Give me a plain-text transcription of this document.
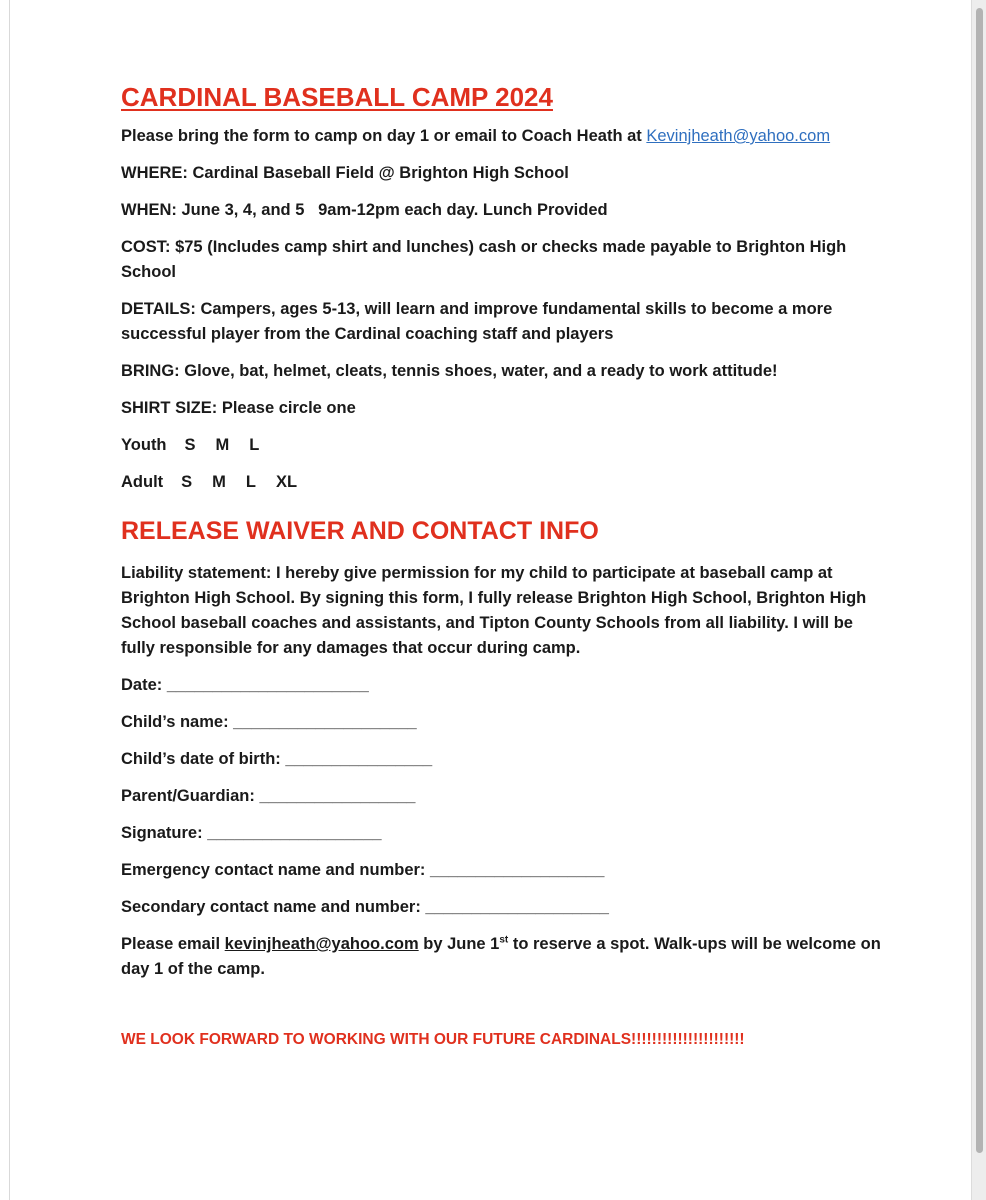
CARDINAL BASEBALL CAMP 2024

Please bring the form to camp on day 1 or email to Coach Heath at Kevinjheath@yahoo.com

WHERE: Cardinal Baseball Field @ Brighton High School

WHEN: June 3, 4, and 5   9am-12pm each day. Lunch Provided

COST: $75 (Includes camp shirt and lunches) cash or checks made payable to Brighton High School

DETAILS: Campers, ages 5-13, will learn and improve fundamental skills to become a more successful player from the Cardinal coaching staff and players

BRING: Glove, bat, helmet, cleats, tennis shoes, water, and a ready to work attitude!

SHIRT SIZE: Please circle one

Youth S M L

Adult S M L XL

RELEASE WAIVER AND CONTACT INFO

Liability statement: I hereby give permission for my child to participate at baseball camp at Brighton High School. By signing this form, I fully release Brighton High School, Brighton High School baseball coaches and assistants, and Tipton County Schools from all liability. I will be fully responsible for any damages that occur during camp.

Date: ______________________

Child’s name: ____________________

Child’s date of birth: ________________

Parent/Guardian: _________________

Signature: ___________________

Emergency contact name and number: ___________________

Secondary contact name and number: ____________________

Please email kevinjheath@yahoo.com by June 1st to reserve a spot. Walk-ups will be welcome on day 1 of the camp.

WE LOOK FORWARD TO WORKING WITH OUR FUTURE CARDINALS!!!!!!!!!!!!!!!!!!!!!!
